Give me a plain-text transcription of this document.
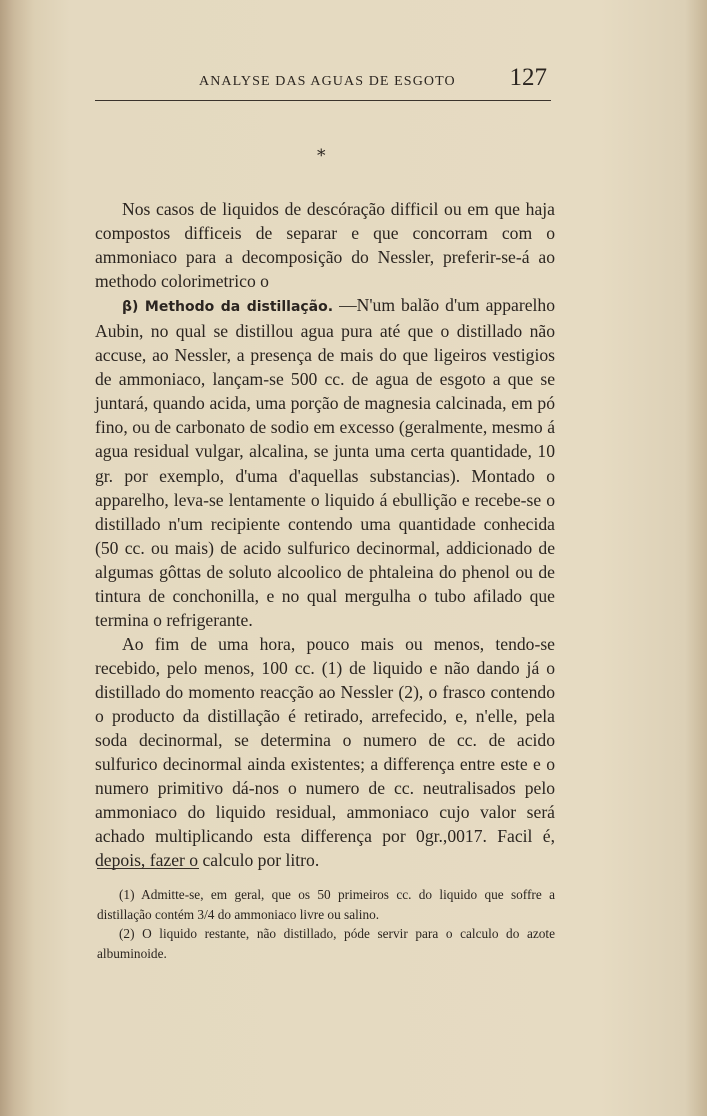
ANALYSE DAS AGUAS DE ESGOTO 127
*

Nos casos de liquidos de descóração difficil ou em que haja compostos difficeis de separar e que concorram com o ammoniaco para a decomposição do Nessler, preferir-se-á ao methodo colorimetrico o

β) Methodo da distillação. —N'um balão d'um apparelho Aubin, no qual se distillou agua pura até que o distillado não accuse, ao Nessler, a presença de mais do que ligeiros vestigios de ammoniaco, lançam-se 500 cc. de agua de esgoto a que se juntará, quando acida, uma porção de magnesia calcinada, em pó fino, ou de carbonato de sodio em excesso (geralmente, mesmo á agua residual vulgar, alcalina, se junta uma certa quantidade, 10 gr. por exemplo, d'uma d'aquellas substancias). Montado o apparelho, leva-se lentamente o liquido á ebullição e recebe-se o distillado n'um recipiente contendo uma quantidade conhecida (50 cc. ou mais) de acido sulfurico decinormal, addicionado de algumas gôttas de soluto alcoolico de phtaleina do phenol ou de tintura de conchonilla, e no qual mergulha o tubo afilado que termina o refrigerante.

Ao fim de uma hora, pouco mais ou menos, tendo-se recebido, pelo menos, 100 cc. (1) de liquido e não dando já o distillado do momento reacção ao Nessler (2), o frasco contendo o producto da distillação é retirado, arrefecido, e, n'elle, pela soda decinormal, se determina o numero de cc. de acido sulfurico decinormal ainda existentes; a differença entre este e o numero primitivo dá-nos o numero de cc. neutralisados pelo ammoniaco do liquido residual, ammoniaco cujo valor será achado multiplicando esta differença por 0gr.,0017. Facil é, depois, fazer o calculo por litro.

(1) Admitte-se, em geral, que os 50 primeiros cc. do liquido que soffre a distillação contém 3/4 do ammoniaco livre ou salino.

(2) O liquido restante, não distillado, póde servir para o calculo do azote albuminoide.
